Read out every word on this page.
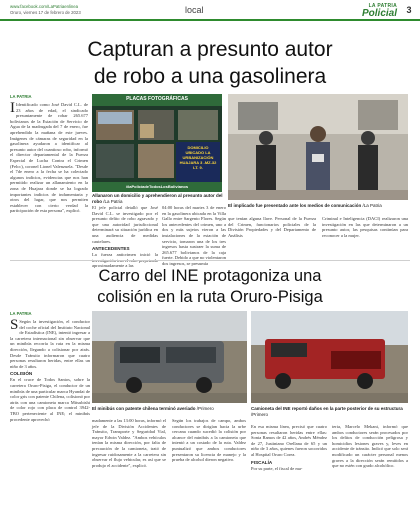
www.facebook.com/LaPatriaenlinea
Oruro, viernes 17 de febrero de 2023	local	LA PATRIA
Policial	3
Capturan a presunto autor
de robo a una gasolinera
LA PATRIA
I Identificado como José David C.L. de 23 años de edad, el sindicado presuntamente de robar 265.677 bolivianos de la Estación de Servicio de Agua de la madrugada del 7 de enero, fue aprehendido la mañana de este jueves. Imágenes de cámaras de seguridad en la gasolinera ayudaron a identificar al presunto autor del cuantioso robo, informó el director departamental de la Fuerza Especial de Lucha Contra el Crimen (Felcc), coronel Lionel Valenzuela. "Desde el 7de enero a la fecha se ha colectado algunos indicios, evidencias que nos han permitido realizar un allanamiento en la zona de Huajara donde se ha logrado importantes indicios de indumentaria y otros del lugar, que nos permiten establecer con cierto verdad la participación de esta persona", explicó.
PLACAS FOTOGRÁFICAS
DOMICILIO UBICADO LA URBANIZACIÓN HUAJARA 3 -MZ-32 LT. 9.
#laPolicíadeTodosLosBolivianos
Allanaron un domicilio y aprehendieron al presunto autor del robo /La Patria
El implicado fue presentado ante los medios de comunicación /La Patria
El jefe policial detalló que José David C.L. se investigado por el presunto delito de robo agravado y que una autoridad jurisdiccional determinará su situación jurídica en una audiencia de medidas cautelares.
ANTECEDENTES
La fuerza anticrimen inició la aproximadamente a las
04:00 horas del martes 3 de enero en la gasolinera ubicada en la Villa Gallo entre Sargento Flores. Según los antecedentes del crimen, uno a dos y más sujetos vieron a las instalaciones de la estación de servicio, tomaron una de los tres ingresos hasta sustraer la suma de 265.677 bolivianos de la caja fuerte. Debido a que no violentaron dos ingresos, se presumía
que tenían alguna llave. Personal de la Fuerza del Crimen, funcionarios policiales de la División Propiedades y del Departamento de Análisis
Criminal e Inteligencia (DACI) realizaron una investigación en las que determinaron a un presunto autor, las pesquisas continúan para reconocer a la mujer.
Carro del INE protagoniza una
colisión en la ruta Oruro-Pisiga
LA PATRIA
S Según la investigación, el conductor del coche oficial del Instituto Nacional de Estadística (INE), intentó ingresar a la carretera internacional sin observar que un minibús recorría la ruta en la misma dirección, llegando a colisionar por atrás. Desde Tránsito informaron que cuatro personas resultaron heridas, entre ellas un niño de 3 años.
COLISIÓN
En el cruce de Todos Santos, sobre la carretera Oruro-Pisiga, el conductor de un minibús de una particular marca Hyundai de color gris con patente Chilena, colisionó por atrás con una camioneta marca Mitsubishi de color rojo con placa de control 3942-TBO perteneciente al INE; el minibús procedente aprovechó
El minibús con patente chilena terminó averiado /Primero	Camioneta del INE reportó daños en la parte posterior de su estructura /Primero
madamente a las 13:00 horas, informó el jefe de la División Accidentes de Tránsito, Transporte y Seguridad Vial, mayor Edwin Valdez. "Ambos vehículos tenían la misma dirección, por falta de precaución de la camioneta, trató de ingresar ruidosamente a la carretera sin observar el flujo vehicular, es así que se produjo el accidente", explicó.
Según los trabajos de campo, ambos conductores se dirigían hacia la urbe cercana cuando sucedió la colisión por alcance del minibús a la camioneta que intentó a un costado de la ruta. Valdez puntualizó que ambos conductores presentaron su licencia de manejo y la prueba de alcohol dieron negativo.
En esa misma línea, precisó que cuatro personas resultaron heridas entre ellas: Sonia Ramos de 42 años, Andrés Méndez de 27, Justiniano Orellana de 65 y un niño de 3 años, quienes fueron socorridos al Hospital Oruro Corea.
FISCALÍA
Por su parte, el fiscal de ma-
teria, Marcelo Mekani, informó que ambos conductores serán procesados por los delitos de conducción peligrosa y homicidios lesiones graves y, leves en accidente de tránsito. Indicó que solo será modificado un carácter personal menos graves a la dirección serán remitidos a que no estén con grado alcohólico.
